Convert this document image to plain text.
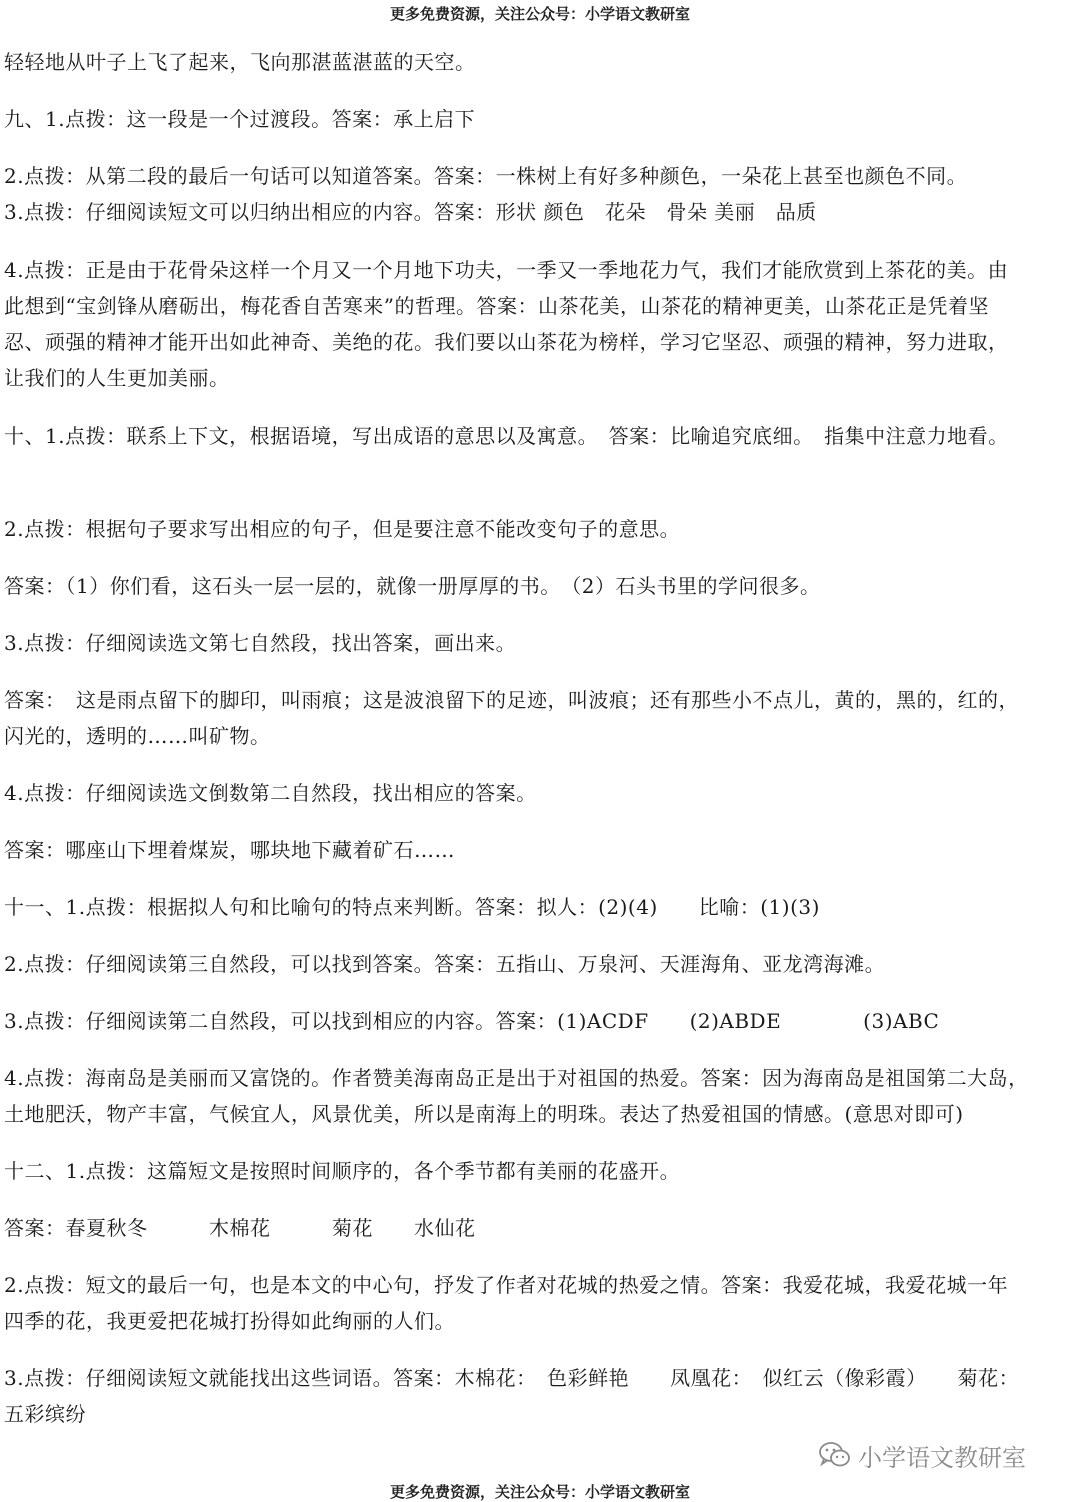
更多免费资源，关注公众号：小学语文教研室
轻轻地从叶子上飞了起来，飞向那湛蓝湛蓝的天空。
九、1.点拨：这一段是一个过渡段。答案：承上启下
2.点拨：从第二段的最后一句话可以知道答案。答案：一株树上有好多种颜色，一朵花上甚至也颜色不同。
3.点拨：仔细阅读短文可以归纳出相应的内容。答案：形状 颜色　花朵　骨朵 美丽　品质
4.点拨：正是由于花骨朵这样一个月又一个月地下功夫，一季又一季地花力气，我们才能欣赏到上茶花的美。由
此想到“宝剑锋从磨砺出，梅花香自苦寒来”的哲理。答案：山茶花美，山茶花的精神更美，山茶花正是凭着坚
忍、顽强的精神才能开出如此神奇、美绝的花。我们要以山茶花为榜样，学习它坚忍、顽强的精神，努力进取，
让我们的人生更加美丽。
十、1.点拨：联系上下文，根据语境，写出成语的意思以及寓意。　答案：比喻追究底细。　指集中注意力地看。
2.点拨：根据句子要求写出相应的句子，但是要注意不能改变句子的意思。
答案：（1）你们看，这石头一层一层的，就像一册厚厚的书。　（2）石头书里的学问很多。
3.点拨：仔细阅读选文第七自然段，找出答案，画出来。
答案：　这是雨点留下的脚印，叫雨痕；这是波浪留下的足迹，叫波痕；还有那些小不点儿，黄的，黑的，红的，
闪光的，透明的……叫矿物。
4.点拨：仔细阅读选文倒数第二自然段，找出相应的答案。
答案：哪座山下埋着煤炭，哪块地下藏着矿石……
十一、1.点拨：根据拟人句和比喻句的特点来判断。答案：拟人：(2)(4)　　比喻：(1)(3)
2.点拨：仔细阅读第三自然段，可以找到答案。答案：五指山、万泉河、天涯海角、亚龙湾海滩。
3.点拨：仔细阅读第二自然段，可以找到相应的内容。答案：(1)ACDF　　(2)ABDE　　　　(3)ABC
4.点拨：海南岛是美丽而又富饶的。作者赞美海南岛正是出于对祖国的热爱。答案：因为海南岛是祖国第二大岛，
土地肥沃，物产丰富，气候宜人，风景优美，所以是南海上的明珠。表达了热爱祖国的情感。(意思对即可)
十二、1.点拨：这篇短文是按照时间顺序的，各个季节都有美丽的花盛开。
答案：春夏秋冬　　　木棉花　　　菊花　　水仙花
2.点拨：短文的最后一句，也是本文的中心句，抒发了作者对花城的热爱之情。答案：我爱花城，我爱花城一年
四季的花，我更爱把花城打扮得如此绚丽的人们。
3.点拨：仔细阅读短文就能找出这些词语。答案：木棉花：　色彩鲜艳　　凤凰花：　似红云（像彩霞）　　菊花：
五彩缤纷
小学语文教研室
更多免费资源，关注公众号：小学语文教研室
